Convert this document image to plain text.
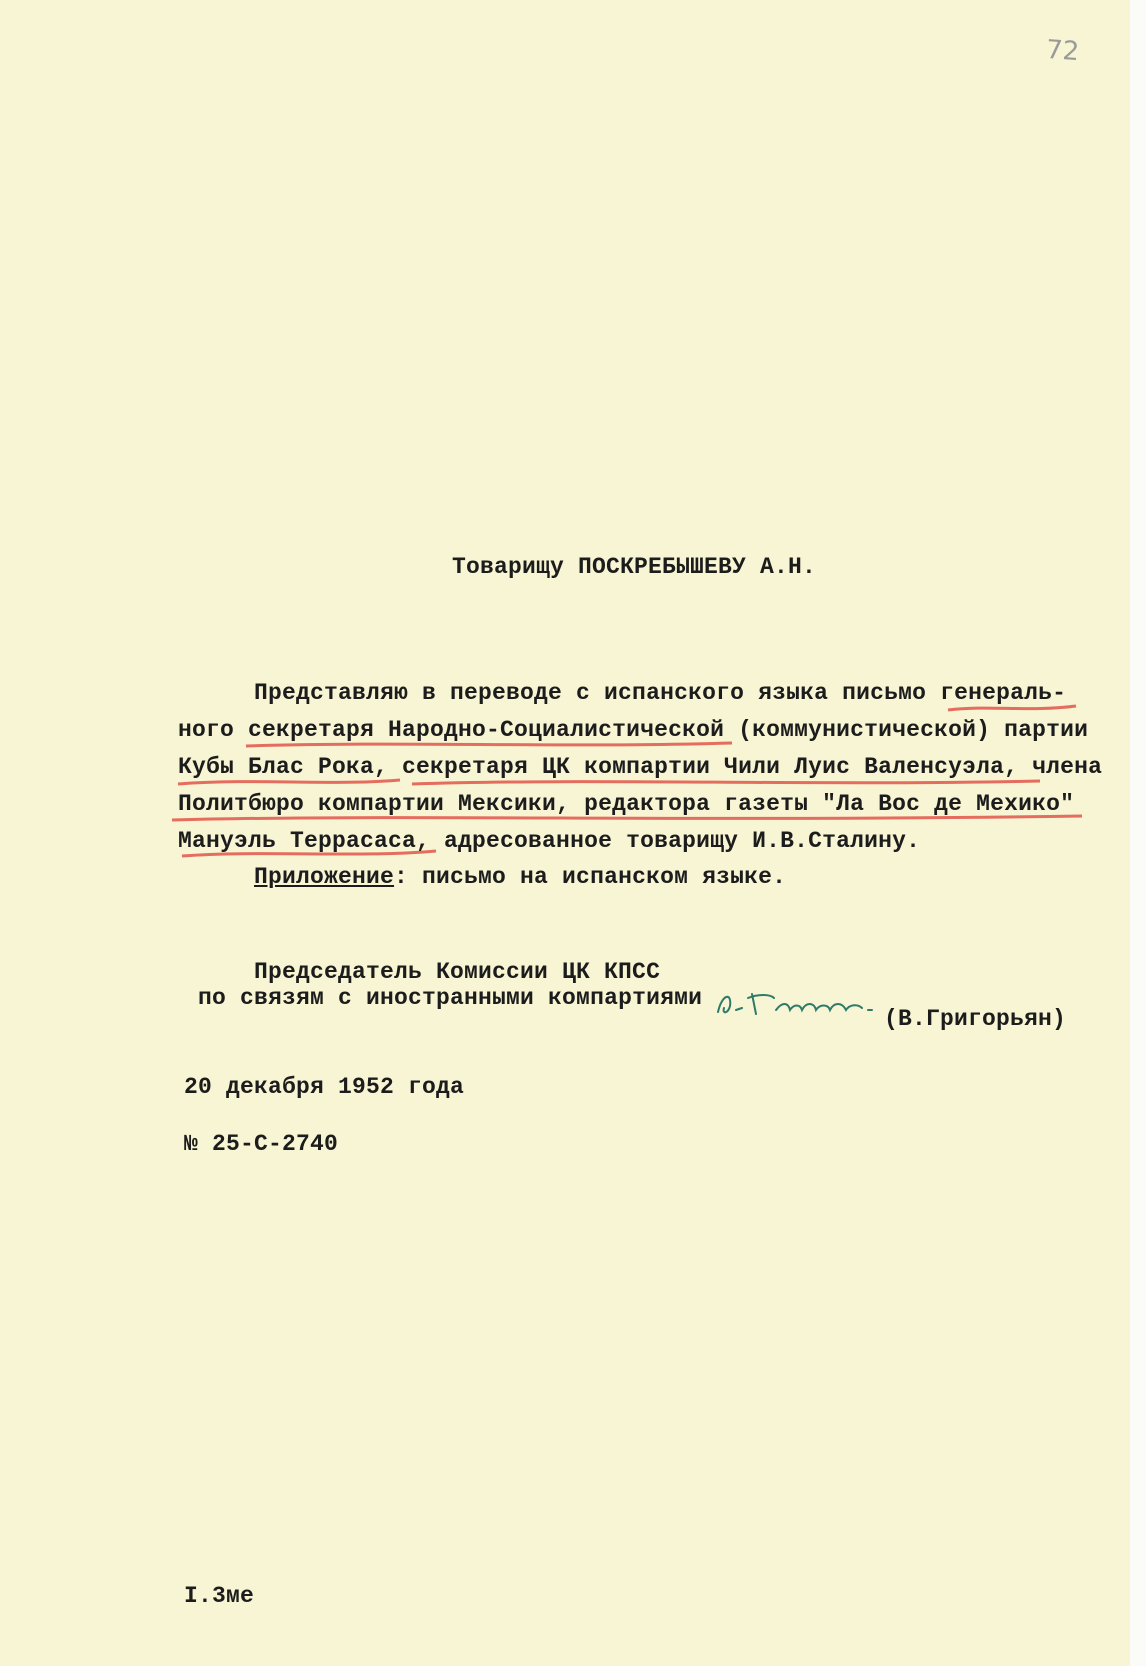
72

Товарищу ПОСКРЕБЫШЕВУ А.Н.

Представляю в переводе с испанского языка письмо генераль-

ного секретаря Народно-Социалистической (коммунистической) партии

Кубы Блас Рока, секретаря ЦК компартии Чили Луис Валенсуэла, члена

Политбюро компартии Мексики, редактора газеты "Ла Вос де Мехико"

Мануэль Террасаса, адресованное товарищу И.В.Сталину.

Приложение: письмо на испанском языке.

Председатель Комиссии ЦК КПСС

по связям с иностранными компартиями

(В.Григорьян)

20 декабря 1952 года

№ 25-С-2740

I.3ме
